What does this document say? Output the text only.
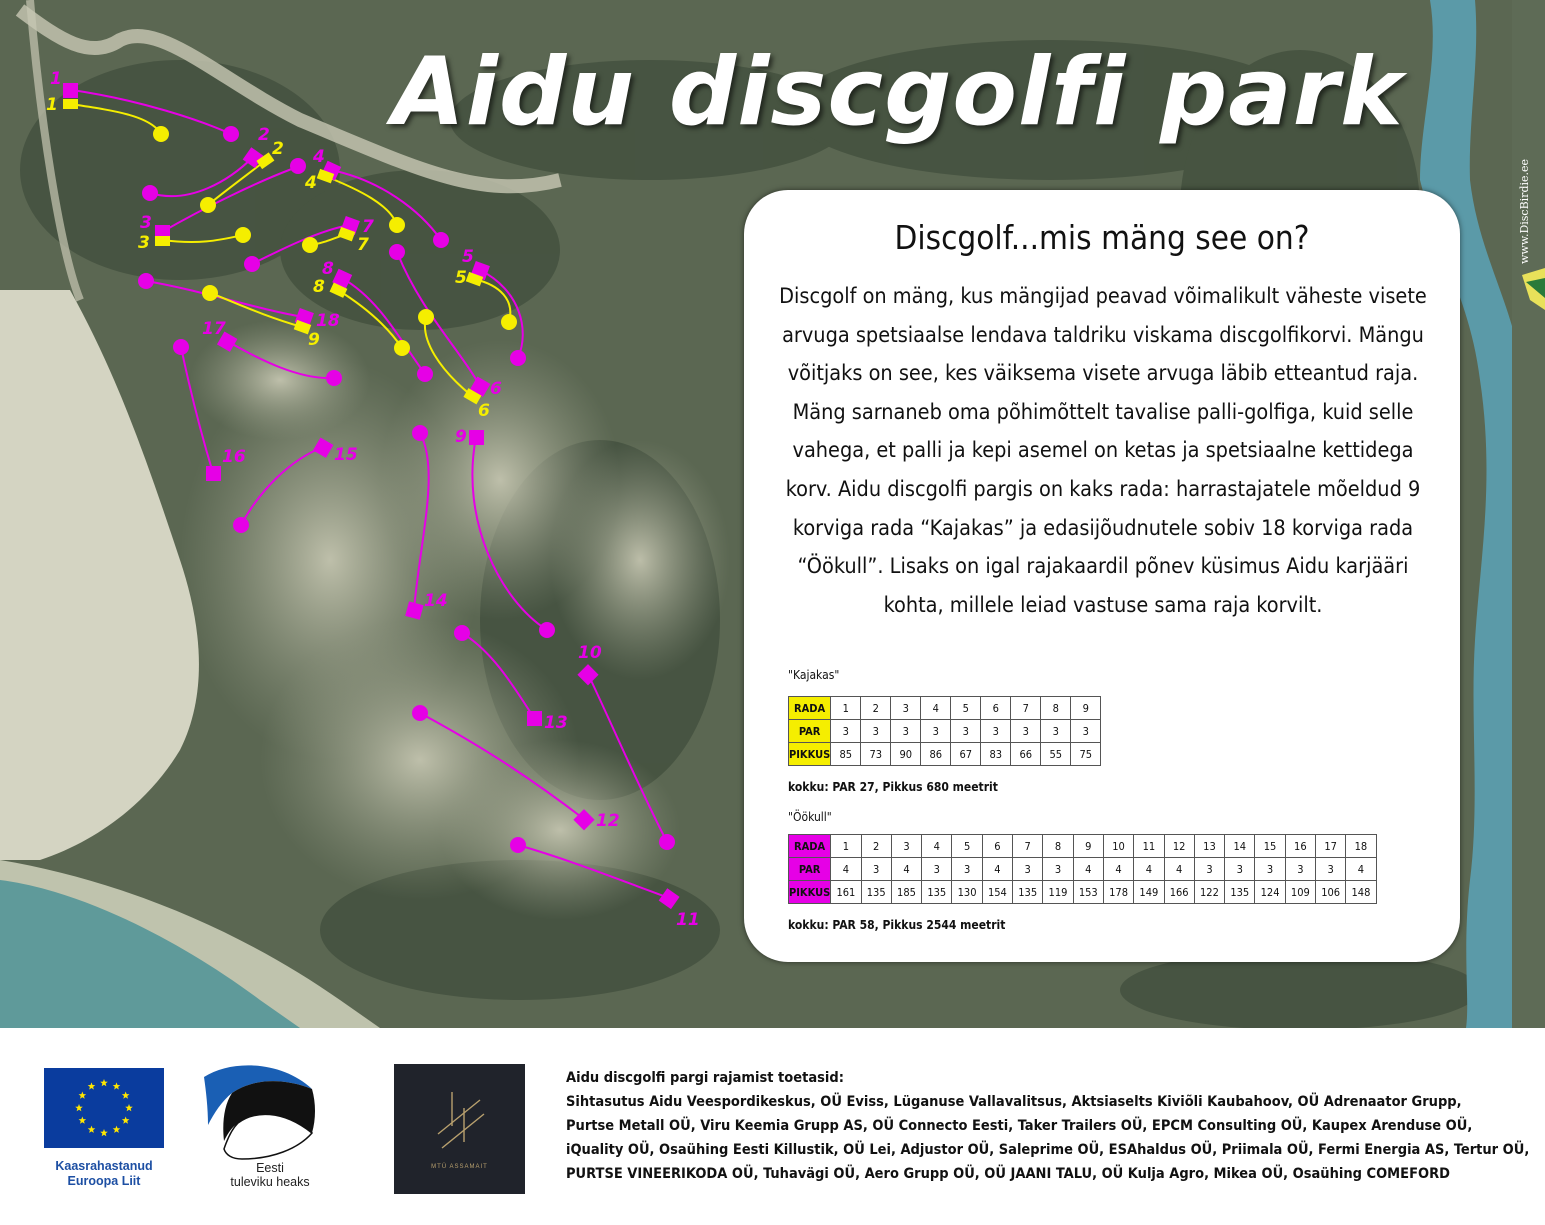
1
2
3
4
5
6
7
8
9
10
11
12
13
14
15
16
17	18
1
2
3
4
5
6
7
8
9
Aidu discgolfi park
www.DiscBirdie.ee
Discgolf...mis mäng see on?

Discgolf on mäng, kus mängijad peavad võimalikult väheste visete arvuga spetsiaalse lendava taldriku viskama discgolfikorvi. Mängu võitjaks on see, kes väiksema visete arvuga läbib etteantud raja. Mäng sarnaneb oma põhimõttelt tavalise palli-golfiga, kuid selle vahega, et palli ja kepi asemel on ketas ja spetsiaalne kettidega korv. Aidu discgolfi pargis on kaks rada: harrastajatele mõeldud 9 korviga rada “Kajakas” ja edasijõudnutele sobiv 18 korviga rada “Öökull”. Lisaks on igal rajakaardil põnev küsimus Aidu karjääri kohta, millele leiad vastuse sama raja korvilt.

"Kajakas"
RADA	1	2	3	4	5	6	7	8	9
PAR	3	3	3	3	3	3	3	3	3
PIKKUS	85	73	90	86	67	83	66	55	75
kokku: PAR 27, Pikkus 680 meetrit
"Öökull"
RADA	1	2	3	4	5	6	7	8	9	10	11	12	13	14	15	16	17	18
PAR	4	3	4	3	3	4	3	3	4	4	4	4	3	3	3	3	3	4
PIKKUS	161	135	185	135	130	154	135	119	153	178	149	166	122	135	124	109	106	148
kokku: PAR 58, Pikkus 2544 meetrit
Kaasrahastanud
Euroopa Liit
Eesti
tuleviku heaks
MTÜ ASSAMAIT
Aidu discgolfi pargi rajamist toetasid:
Sihtasutus Aidu Veespordikeskus, OÜ Eviss, Lüganuse Vallavalitsus, Aktsiaselts Kiviõli Kaubahoov, OÜ Adrenaator Grupp,
Purtse Metall OÜ, Viru Keemia Grupp AS, OÜ Connecto Eesti, Taker Trailers OÜ, EPCM Consulting OÜ, Kaupex Arenduse OÜ,
iQuality OÜ, Osaühing Eesti Killustik, OÜ Lei, Adjustor OÜ, Saleprime OÜ, ESAhaldus OÜ, Priimala OÜ, Fermi Energia AS, Tertur OÜ,
PURTSE VINEERIKODA OÜ, Tuhavägi OÜ, Aero Grupp OÜ, OÜ JAANI TALU, OÜ Kulja Agro, Mikea OÜ, Osaühing COMEFORD
